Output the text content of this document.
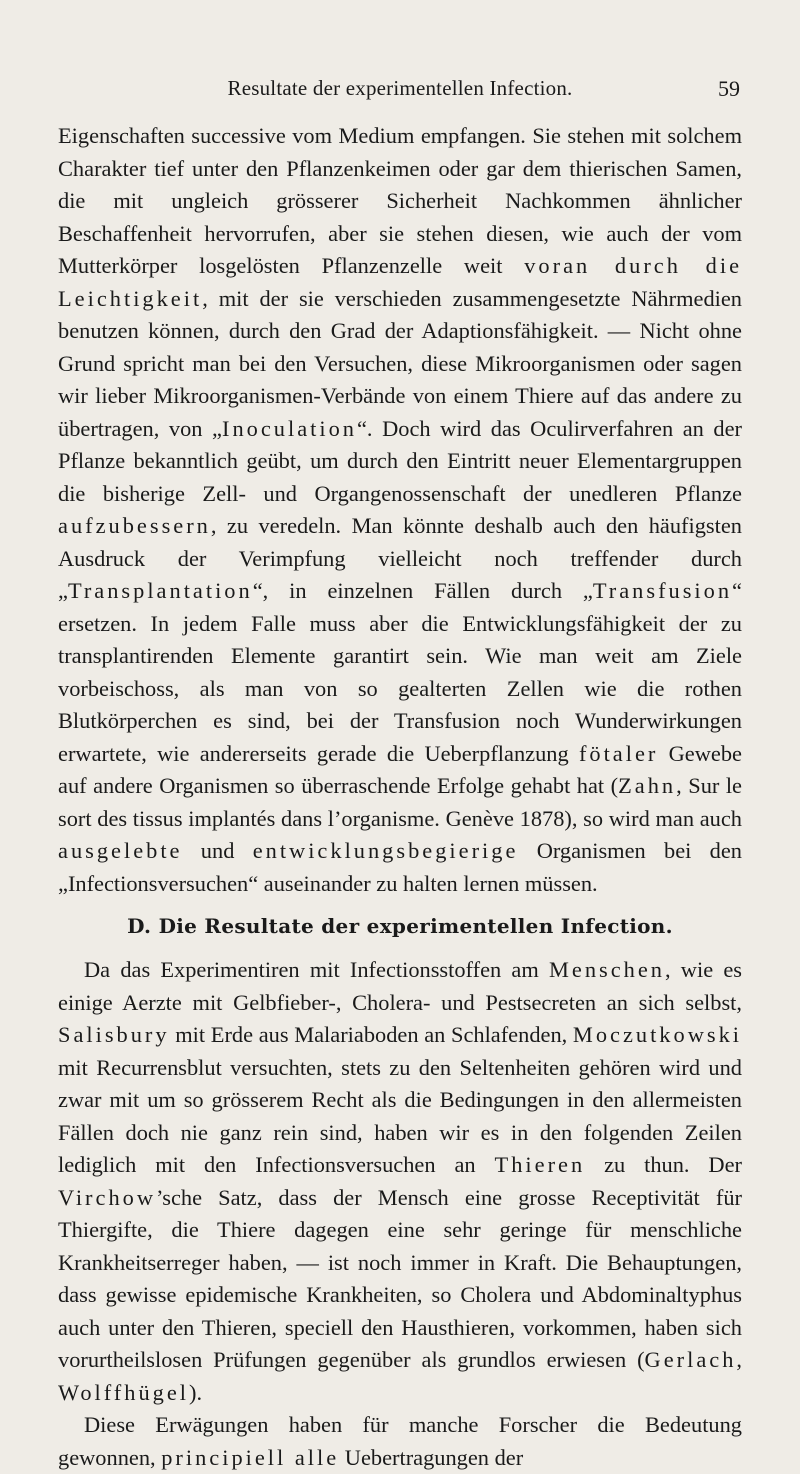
Resultate der experimentellen Infection.	59

Eigenschaften successive vom Medium empfangen. Sie stehen mit solchem Charakter tief unter den Pflanzenkeimen oder gar dem thierischen Samen, die mit ungleich grösserer Sicherheit Nachkommen ähnlicher Beschaffenheit hervorrufen, aber sie stehen diesen, wie auch der vom Mutterkörper losgelösten Pflanzenzelle weit voran durch die Leichtigkeit, mit der sie verschieden zusammengesetzte Nährmedien benutzen können, durch den Grad der Adaptionsfähigkeit. — Nicht ohne Grund spricht man bei den Versuchen, diese Mikroorganismen oder sagen wir lieber Mikroorganismen-Verbände von einem Thiere auf das andere zu übertragen, von „Inoculation“. Doch wird das Oculirverfahren an der Pflanze bekanntlich geübt, um durch den Eintritt neuer Elementargruppen die bisherige Zell- und Organgenossenschaft der unedleren Pflanze aufzubessern, zu veredeln. Man könnte deshalb auch den häufigsten Ausdruck der Verimpfung vielleicht noch treffender durch „Transplantation“, in einzelnen Fällen durch „Transfusion“ ersetzen. In jedem Falle muss aber die Entwicklungsfähigkeit der zu transplantirenden Elemente garantirt sein. Wie man weit am Ziele vorbeischoss, als man von so gealterten Zellen wie die rothen Blutkörperchen es sind, bei der Transfusion noch Wunderwirkungen erwartete, wie andererseits gerade die Ueberpflanzung fötaler Gewebe auf andere Organismen so überraschende Erfolge gehabt hat (Zahn, Sur le sort des tissus implantés dans l’organisme. Genève 1878), so wird man auch ausgelebte und entwicklungsbegierige Organismen bei den „Infectionsversuchen“ auseinander zu halten lernen müssen.

D. Die Resultate der experimentellen Infection.

Da das Experimentiren mit Infectionsstoffen am Menschen, wie es einige Aerzte mit Gelbfieber-, Cholera- und Pestsecreten an sich selbst, Salisbury mit Erde aus Malariaboden an Schlafenden, Moczutkowski mit Recurrensblut versuchten, stets zu den Seltenheiten gehören wird und zwar mit um so grösserem Recht als die Bedingungen in den allermeisten Fällen doch nie ganz rein sind, haben wir es in den folgenden Zeilen lediglich mit den Infectionsversuchen an Thieren zu thun. Der Virchow’sche Satz, dass der Mensch eine grosse Receptivität für Thiergifte, die Thiere dagegen eine sehr geringe für menschliche Krankheitserreger haben, — ist noch immer in Kraft. Die Behauptungen, dass gewisse epidemische Krankheiten, so Cholera und Abdominaltyphus auch unter den Thieren, speciell den Hausthieren, vorkommen, haben sich vorurtheilslosen Prüfungen gegenüber als grundlos erwiesen (Gerlach, Wolffhügel).

Diese Erwägungen haben für manche Forscher die Bedeutung gewonnen, principiell alle Uebertragungen der
